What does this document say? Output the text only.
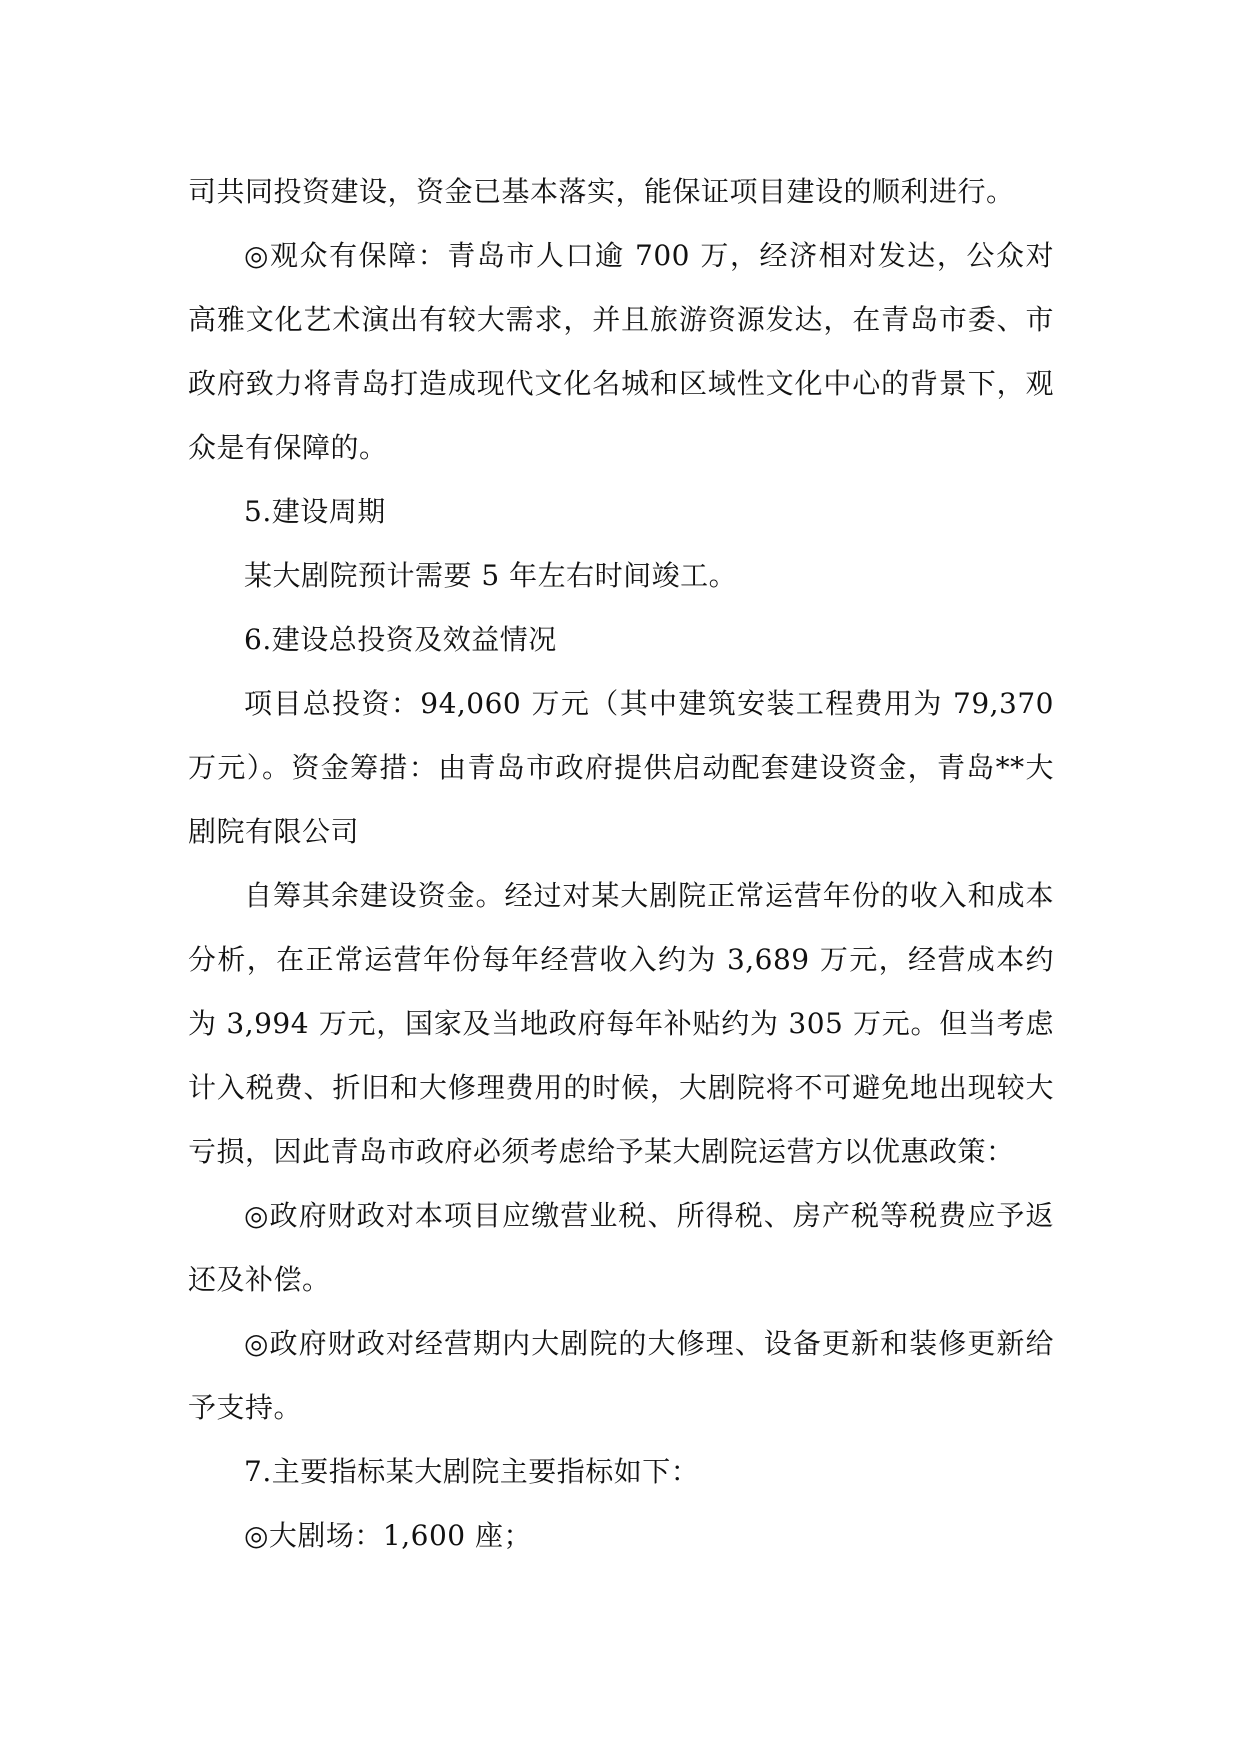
司共同投资建设，资金已基本落实，能保证项目建设的顺利进行。

◎观众有保障：青岛市人口逾 700 万，经济相对发达，公众对高雅文化艺术演出有较大需求，并且旅游资源发达，在青岛市委、市政府致力将青岛打造成现代文化名城和区域性文化中心的背景下，观众是有保障的。

5.建设周期

某大剧院预计需要 5 年左右时间竣工。

6.建设总投资及效益情况

项目总投资：94,060 万元（其中建筑安装工程费用为 79,370 万元）。资金筹措：由青岛市政府提供启动配套建设资金，青岛**大剧院有限公司

自筹其余建设资金。经过对某大剧院正常运营年份的收入和成本分析，在正常运营年份每年经营收入约为 3,689 万元，经营成本约为 3,994 万元，国家及当地政府每年补贴约为 305 万元。但当考虑计入税费、折旧和大修理费用的时候，大剧院将不可避免地出现较大亏损，因此青岛市政府必须考虑给予某大剧院运营方以优惠政策：

◎政府财政对本项目应缴营业税、所得税、房产税等税费应予返还及补偿。

◎政府财政对经营期内大剧院的大修理、设备更新和装修更新给予支持。

7.主要指标某大剧院主要指标如下：

◎大剧场：1,600 座；
